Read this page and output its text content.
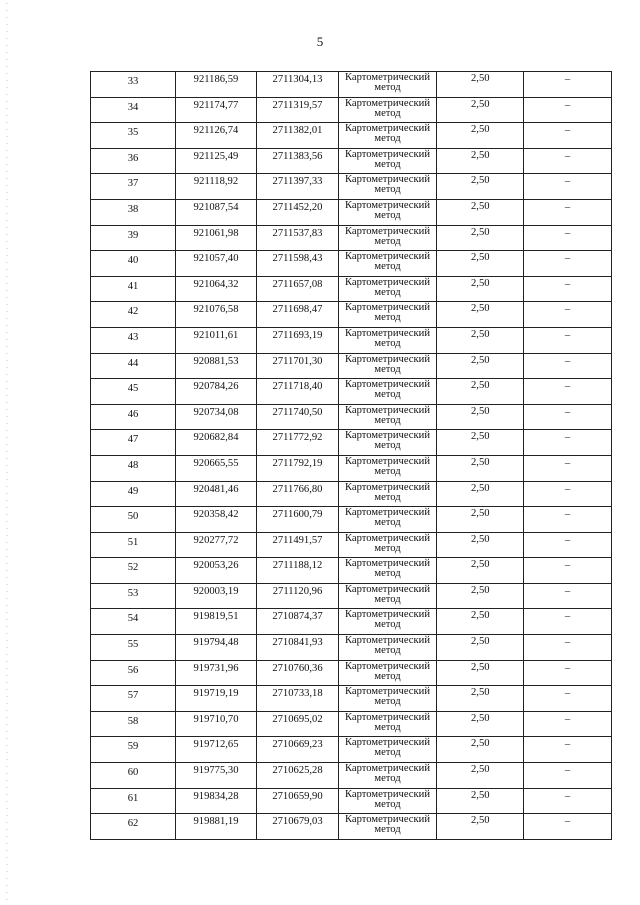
5
33	921186,59	2711304,13	Картометрический
метод	2,50	–

34	921174,77	2711319,57	Картометрический
метод	2,50	–

35	921126,74	2711382,01	Картометрический
метод	2,50	–

36	921125,49	2711383,56	Картометрический
метод	2,50	–

37	921118,92	2711397,33	Картометрический
метод	2,50	–

38	921087,54	2711452,20	Картометрический
метод	2,50	–

39	921061,98	2711537,83	Картометрический
метод	2,50	–

40	921057,40	2711598,43	Картометрический
метод	2,50	–

41	921064,32	2711657,08	Картометрический
метод	2,50	–

42	921076,58	2711698,47	Картометрический
метод	2,50	–

43	921011,61	2711693,19	Картометрический
метод	2,50	–

44	920881,53	2711701,30	Картометрический
метод	2,50	–

45	920784,26	2711718,40	Картометрический
метод	2,50	–

46	920734,08	2711740,50	Картометрический
метод	2,50	–

47	920682,84	2711772,92	Картометрический
метод	2,50	–

48	920665,55	2711792,19	Картометрический
метод	2,50	–

49	920481,46	2711766,80	Картометрический
метод	2,50	–

50	920358,42	2711600,79	Картометрический
метод	2,50	–

51	920277,72	2711491,57	Картометрический
метод	2,50	–

52	920053,26	2711188,12	Картометрический
метод	2,50	–

53	920003,19	2711120,96	Картометрический
метод	2,50	–

54	919819,51	2710874,37	Картометрический
метод	2,50	–

55	919794,48	2710841,93	Картометрический
метод	2,50	–

56	919731,96	2710760,36	Картометрический
метод	2,50	–

57	919719,19	2710733,18	Картометрический
метод	2,50	–

58	919710,70	2710695,02	Картометрический
метод	2,50	–

59	919712,65	2710669,23	Картометрический
метод	2,50	–

60	919775,30	2710625,28	Картометрический
метод	2,50	–

61	919834,28	2710659,90	Картометрический
метод	2,50	–

62	919881,19	2710679,03	Картометрический
метод	2,50	–
